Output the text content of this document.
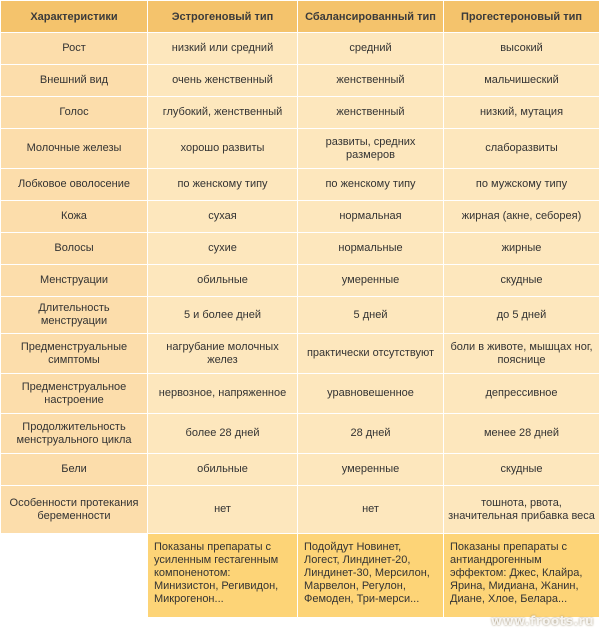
Характеристики	Эстрогеновый тип	Сбалансированный тип	Прогестероновый тип
Рост	низкий или средний	средний	высокий
Внешний вид	очень женственный	женственный	мальчишеский
Голос	глубокий, женственный	женственный	низкий, мутация
Молочные железы	хорошо развиты	развиты, средних размеров	слаборазвиты
Лобковое оволосение	по женскому типу	по женскому типу	по мужскому типу
Кожа	сухая	нормальная	жирная (акне, себорея)
Волосы	сухие	нормальные	жирные
Менструации	обильные	умеренные	скудные
Длительность менструации	5 и более дней	5 дней	до 5 дней
Предменструальные симптомы	нагрубание молочных желез	практически отсутствуют	боли в животе, мышцах ног, пояснице
Предменструальное настроение	нервозное, напряженное	уравновешенное	депрессивное
Продолжительность менструального цикла	более 28 дней	28 дней	менее 28 дней
Бели	обильные	умеренные	скудные
Особенности протекания беременности	нет	нет	тошнота, рвота, значительная прибавка веса
	Показаны препараты с усиленным гестагенным компоненотом: Минизистон, Регивидон, Микрогенон...	Подойдут Новинет, Логест, Линдинет-20, Линдинет-30, Мерсилон, Марвелон, Регулон, Фемоден, Три-мерси...	Показаны препараты с антиандрогенным эффектом: Джес, Клайра, Ярина, Мидиана, Жанин, Диане, Хлое, Белара...
www.froots.ru
